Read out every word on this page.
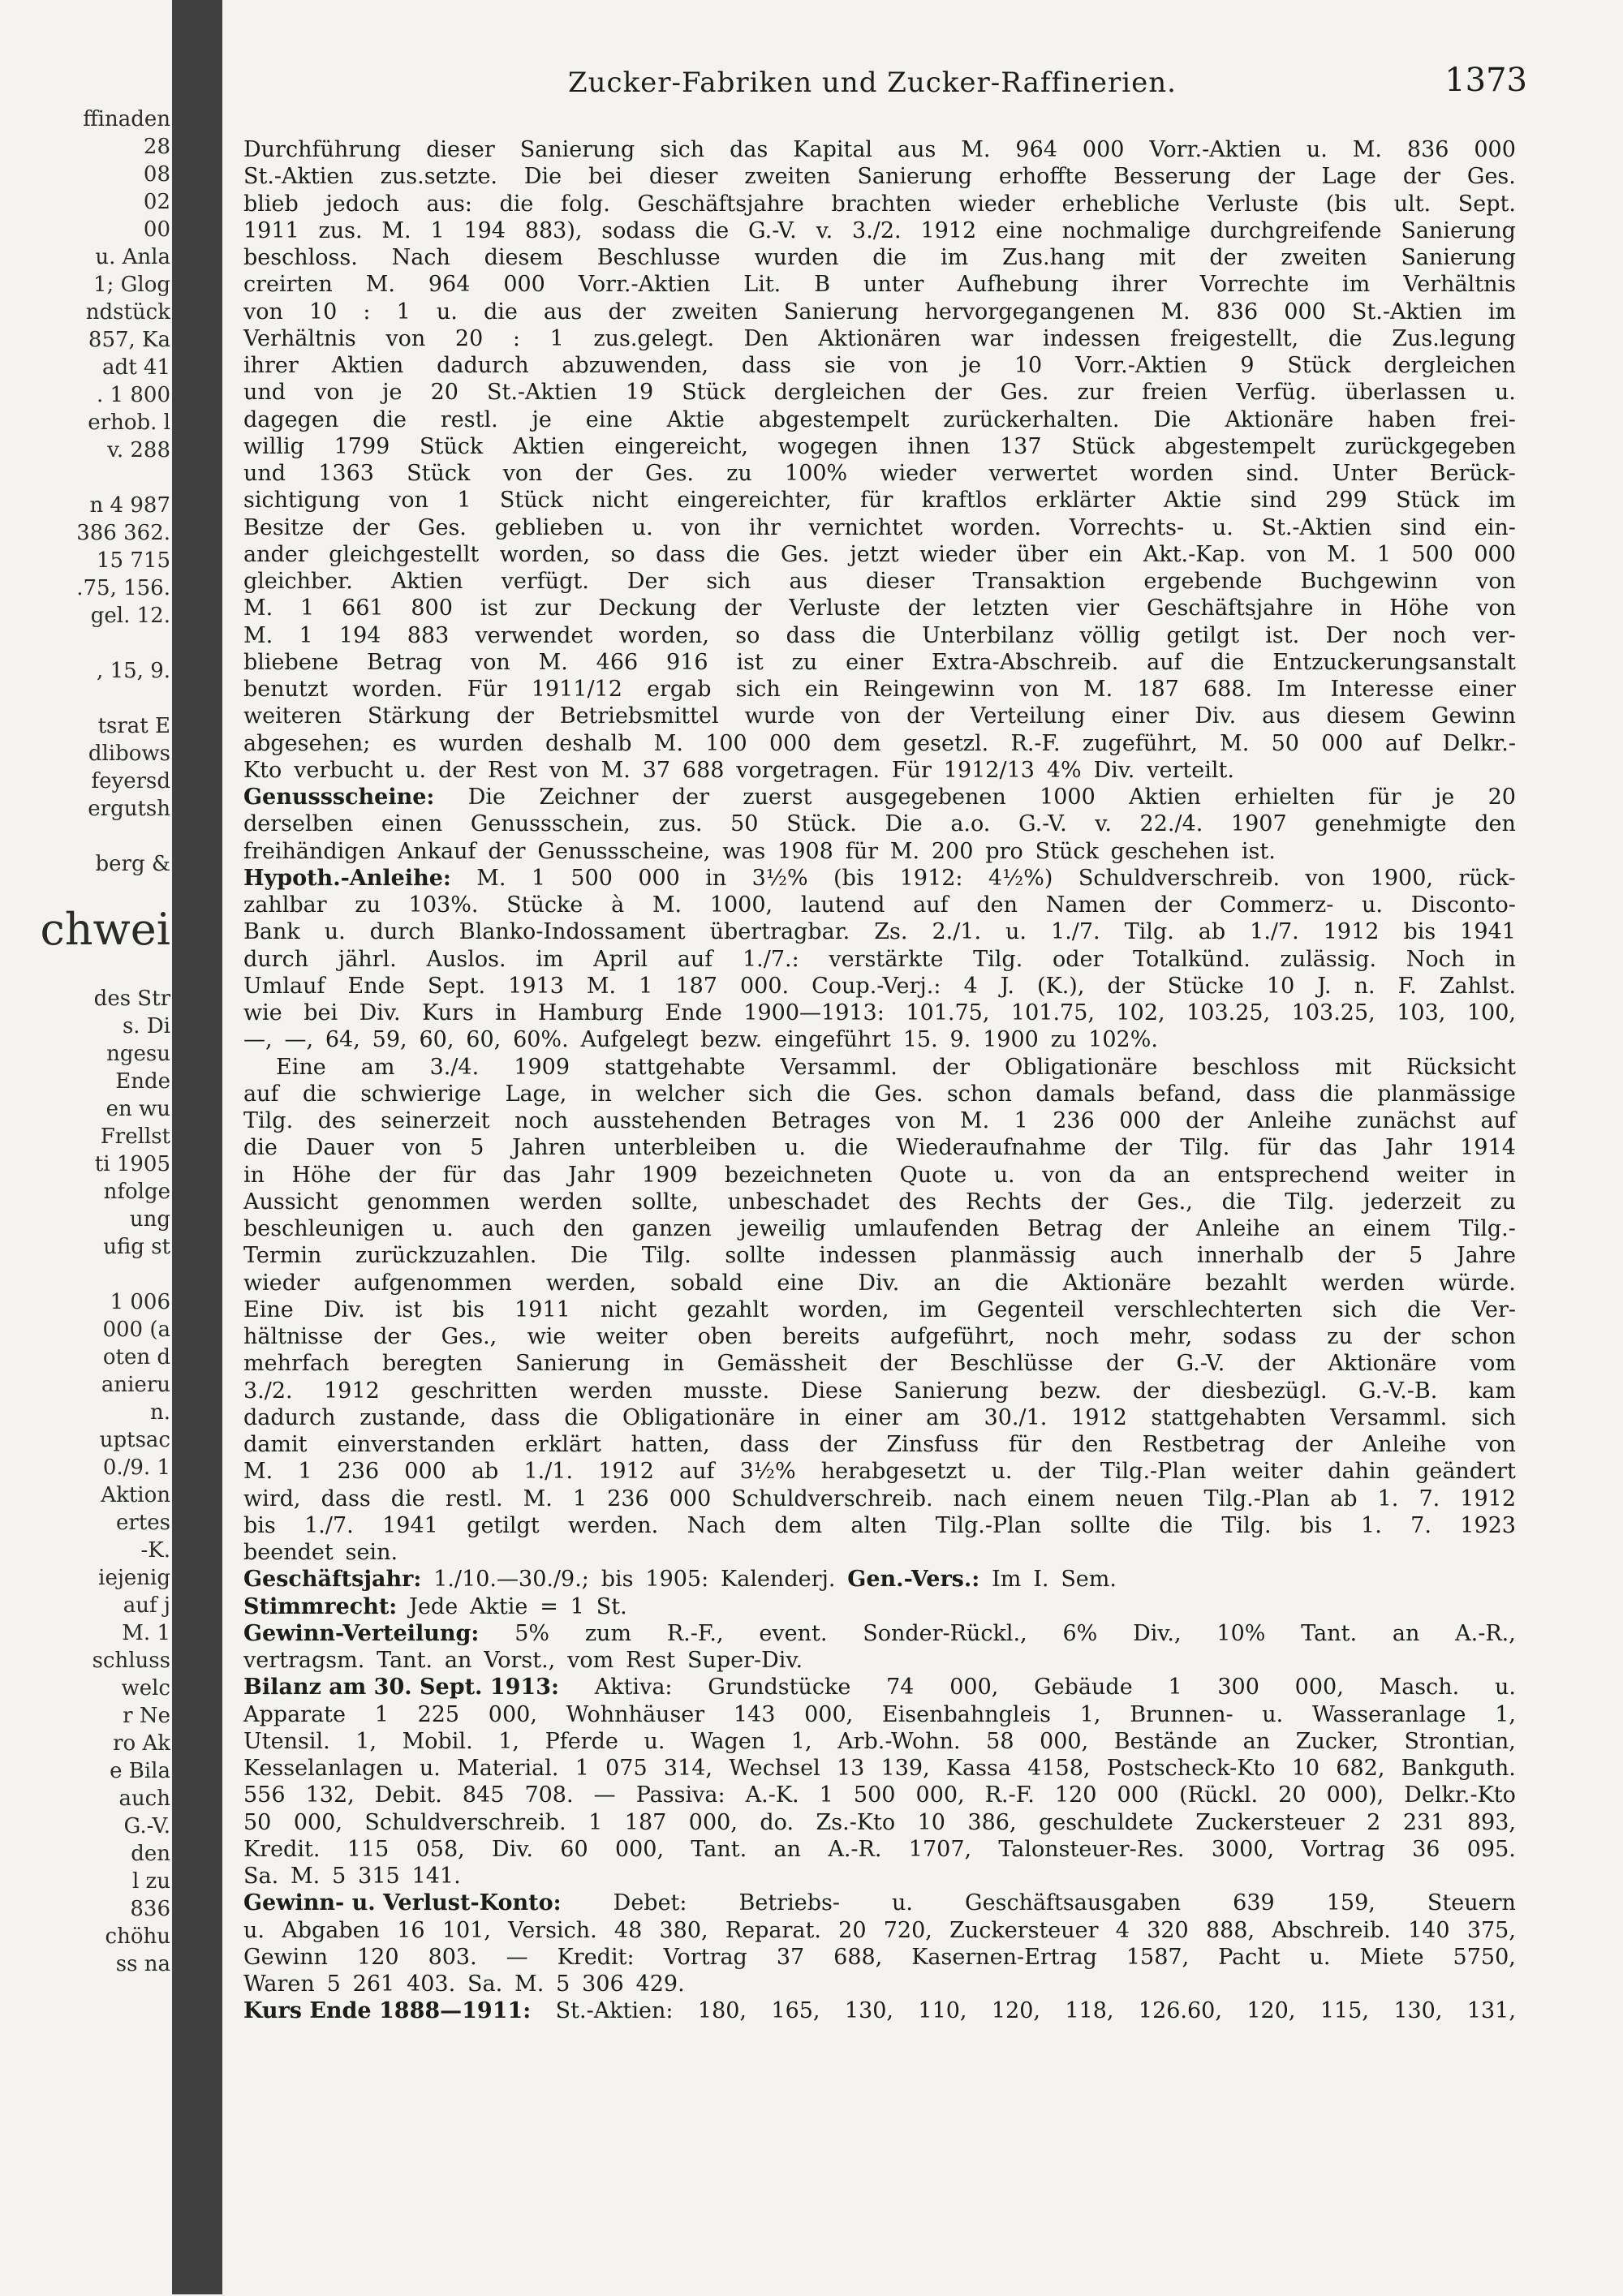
ffinaden
28
08
02
00
u. Anla
1; Glog
ndstück
857, Ka
adt 41
. 1 800
erhob. l
v. 288
n 4 987
386 362.
15 715
.75, 156.
gel. 12.
, 15, 9.
tsrat E
dlibows
feyersd
ergutsh
berg &
chwei
des Str
s. Di
ngesu
Ende
en wu
Frellst
ti 1905
nfolge
ung
ufig st
1 006
000 (a
oten d
anieru
n.
uptsac
0./9. 1
Aktion
ertes
-K.
iejenig
auf j
M. 1
schluss
welc
r Ne
ro Ak
e Bila
auch
G.-V.
den
l zu
836
chöhu
ss na
Zucker-Fabriken und Zucker-Raffinerien.	1373
Durchführung dieser Sanierung sich das Kapital aus M. 964 000 Vorr.-Aktien u. M. 836 000
St.-Aktien zus.setzte. Die bei dieser zweiten Sanierung erhoffte Besserung der Lage der Ges.
blieb jedoch aus: die folg. Geschäftsjahre brachten wieder erhebliche Verluste (bis ult. Sept.
1911 zus. M. 1 194 883), sodass die G.-V. v. 3./2. 1912 eine nochmalige durchgreifende Sanierung
beschloss. Nach diesem Beschlusse wurden die im Zus.hang mit der zweiten Sanierung
creirten M. 964 000 Vorr.-Aktien Lit. B unter Aufhebung ihrer Vorrechte im Verhältnis
von 10 : 1 u. die aus der zweiten Sanierung hervorgegangenen M. 836 000 St.-Aktien im
Verhältnis von 20 : 1 zus.gelegt. Den Aktionären war indessen freigestellt, die Zus.legung
ihrer Aktien dadurch abzuwenden, dass sie von je 10 Vorr.-Aktien 9 Stück dergleichen
und von je 20 St.-Aktien 19 Stück dergleichen der Ges. zur freien Verfüg. überlassen u.
dagegen die restl. je eine Aktie abgestempelt zurückerhalten. Die Aktionäre haben frei-
willig 1799 Stück Aktien eingereicht, wogegen ihnen 137 Stück abgestempelt zurückgegeben
und 1363 Stück von der Ges. zu 100% wieder verwertet worden sind. Unter Berück-
sichtigung von 1 Stück nicht eingereichter, für kraftlos erklärter Aktie sind 299 Stück im
Besitze der Ges. geblieben u. von ihr vernichtet worden. Vorrechts- u. St.-Aktien sind ein-
ander gleichgestellt worden, so dass die Ges. jetzt wieder über ein Akt.-Kap. von M. 1 500 000
gleichber. Aktien verfügt. Der sich aus dieser Transaktion ergebende Buchgewinn von
M. 1 661 800 ist zur Deckung der Verluste der letzten vier Geschäftsjahre in Höhe von
M. 1 194 883 verwendet worden, so dass die Unterbilanz völlig getilgt ist. Der noch ver-
bliebene Betrag von M. 466 916 ist zu einer Extra-Abschreib. auf die Entzuckerungsanstalt
benutzt worden. Für 1911/12 ergab sich ein Reingewinn von M. 187 688. Im Interesse einer
weiteren Stärkung der Betriebsmittel wurde von der Verteilung einer Div. aus diesem Gewinn
abgesehen; es wurden deshalb M. 100 000 dem gesetzl. R.-F. zugeführt, M. 50 000 auf Delkr.-
Kto verbucht u. der Rest von M. 37 688 vorgetragen. Für 1912/13 4% Div. verteilt.
Genussscheine: Die Zeichner der zuerst ausgegebenen 1000 Aktien erhielten für je 20
derselben einen Genussschein, zus. 50 Stück. Die a.o. G.-V. v. 22./4. 1907 genehmigte den
freihändigen Ankauf der Genussscheine, was 1908 für M. 200 pro Stück geschehen ist.
Hypoth.-Anleihe: M. 1 500 000 in 3½% (bis 1912: 4½%) Schuldverschreib. von 1900, rück-
zahlbar zu 103%. Stücke à M. 1000, lautend auf den Namen der Commerz- u. Disconto-
Bank u. durch Blanko-Indossament übertragbar. Zs. 2./1. u. 1./7. Tilg. ab 1./7. 1912 bis 1941
durch jährl. Auslos. im April auf 1./7.: verstärkte Tilg. oder Totalkünd. zulässig. Noch in
Umlauf Ende Sept. 1913 M. 1 187 000. Coup.-Verj.: 4 J. (K.), der Stücke 10 J. n. F. Zahlst.
wie bei Div. Kurs in Hamburg Ende 1900—1913: 101.75, 101.75, 102, 103.25, 103.25, 103, 100,
—, —, 64, 59, 60, 60, 60%. Aufgelegt bezw. eingeführt 15. 9. 1900 zu 102%.
Eine am 3./4. 1909 stattgehabte Versamml. der Obligationäre beschloss mit Rücksicht
auf die schwierige Lage, in welcher sich die Ges. schon damals befand, dass die planmässige
Tilg. des seinerzeit noch ausstehenden Betrages von M. 1 236 000 der Anleihe zunächst auf
die Dauer von 5 Jahren unterbleiben u. die Wiederaufnahme der Tilg. für das Jahr 1914
in Höhe der für das Jahr 1909 bezeichneten Quote u. von da an entsprechend weiter in
Aussicht genommen werden sollte, unbeschadet des Rechts der Ges., die Tilg. jederzeit zu
beschleunigen u. auch den ganzen jeweilig umlaufenden Betrag der Anleihe an einem Tilg.-
Termin zurückzuzahlen. Die Tilg. sollte indessen planmässig auch innerhalb der 5 Jahre
wieder aufgenommen werden, sobald eine Div. an die Aktionäre bezahlt werden würde.
Eine Div. ist bis 1911 nicht gezahlt worden, im Gegenteil verschlechterten sich die Ver-
hältnisse der Ges., wie weiter oben bereits aufgeführt, noch mehr, sodass zu der schon
mehrfach beregten Sanierung in Gemässheit der Beschlüsse der G.-V. der Aktionäre vom
3./2. 1912 geschritten werden musste. Diese Sanierung bezw. der diesbezügl. G.-V.-B. kam
dadurch zustande, dass die Obligationäre in einer am 30./1. 1912 stattgehabten Versamml. sich
damit einverstanden erklärt hatten, dass der Zinsfuss für den Restbetrag der Anleihe von
M. 1 236 000 ab 1./1. 1912 auf 3½% herabgesetzt u. der Tilg.-Plan weiter dahin geändert
wird, dass die restl. M. 1 236 000 Schuldverschreib. nach einem neuen Tilg.-Plan ab 1. 7. 1912
bis 1./7. 1941 getilgt werden. Nach dem alten Tilg.-Plan sollte die Tilg. bis 1. 7. 1923
beendet sein.
Geschäftsjahr: 1./10.—30./9.; bis 1905: Kalenderj. Gen.-Vers.: Im I. Sem.
Stimmrecht: Jede Aktie = 1 St.
Gewinn-Verteilung: 5% zum R.-F., event. Sonder-Rückl., 6% Div., 10% Tant. an A.-R.,
vertragsm. Tant. an Vorst., vom Rest Super-Div.
Bilanz am 30. Sept. 1913: Aktiva: Grundstücke 74 000, Gebäude 1 300 000, Masch. u.
Apparate 1 225 000, Wohnhäuser 143 000, Eisenbahngleis 1, Brunnen- u. Wasseranlage 1,
Utensil. 1, Mobil. 1, Pferde u. Wagen 1, Arb.-Wohn. 58 000, Bestände an Zucker, Strontian,
Kesselanlagen u. Material. 1 075 314, Wechsel 13 139, Kassa 4158, Postscheck-Kto 10 682, Bankguth.
556 132, Debit. 845 708. — Passiva: A.-K. 1 500 000, R.-F. 120 000 (Rückl. 20 000), Delkr.-Kto
50 000, Schuldverschreib. 1 187 000, do. Zs.-Kto 10 386, geschuldete Zuckersteuer 2 231 893,
Kredit. 115 058, Div. 60 000, Tant. an A.-R. 1707, Talonsteuer-Res. 3000, Vortrag 36 095.
Sa. M. 5 315 141.
Gewinn- u. Verlust-Konto: Debet: Betriebs- u. Geschäftsausgaben 639 159, Steuern
u. Abgaben 16 101, Versich. 48 380, Reparat. 20 720, Zuckersteuer 4 320 888, Abschreib. 140 375,
Gewinn 120 803. — Kredit: Vortrag 37 688, Kasernen-Ertrag 1587, Pacht u. Miete 5750,
Waren 5 261 403. Sa. M. 5 306 429.
Kurs Ende 1888—1911: St.-Aktien: 180, 165, 130, 110, 120, 118, 126.60, 120, 115, 130, 131,
